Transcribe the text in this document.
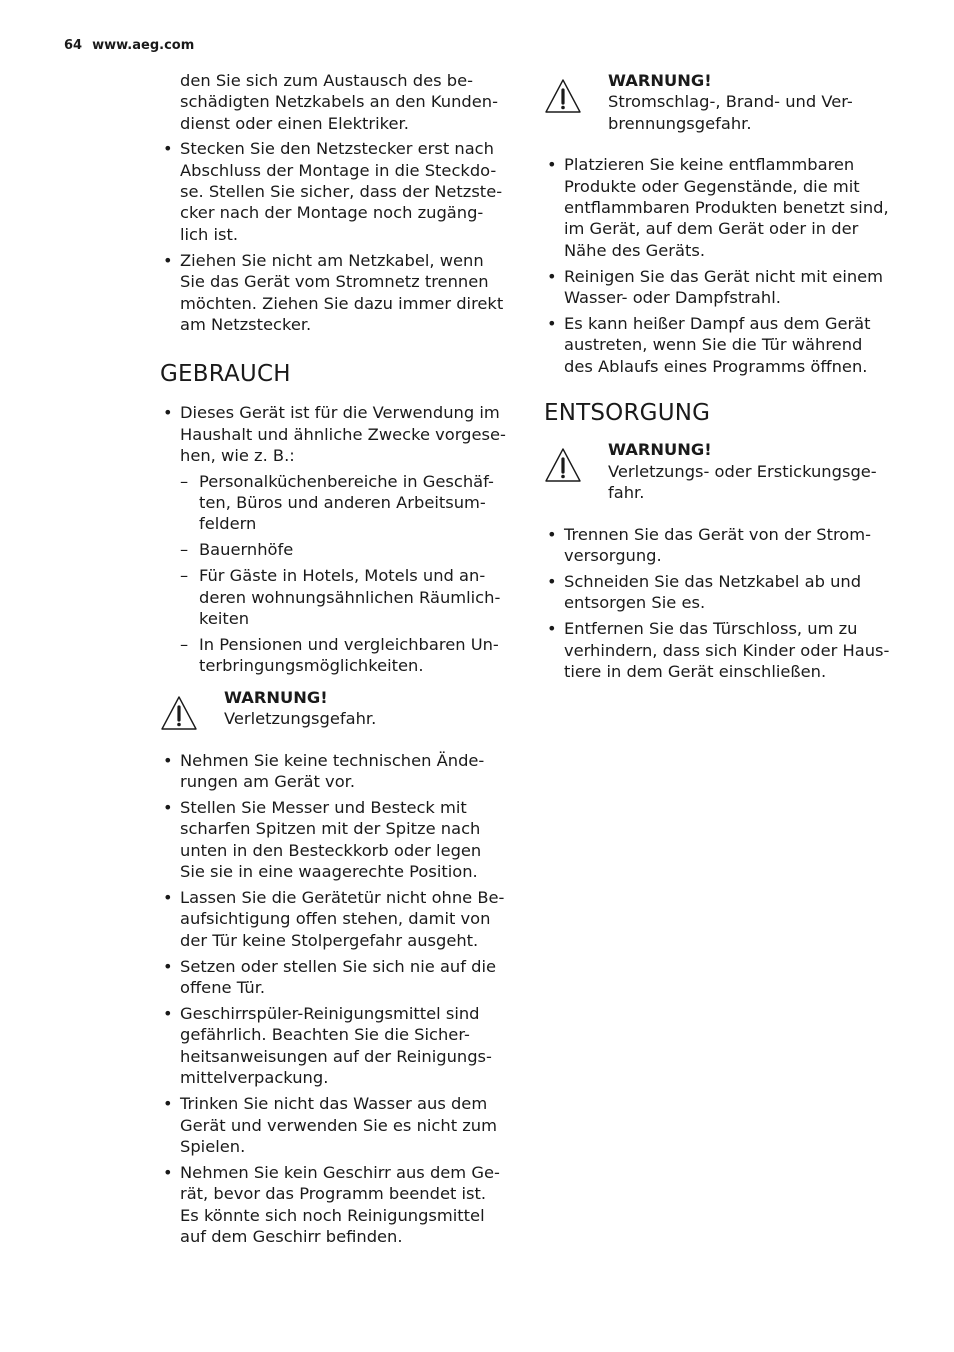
64 www.aeg.com
den Sie sich zum Austausch des be-
schädigten Netzkabels an den Kunden-
dienst oder einen Elektriker.
• Stecken Sie den Netzstecker erst nach
Abschluss der Montage in die Steckdo-
se. Stellen Sie sicher, dass der Netzste-
cker nach der Montage noch zugäng-
lich ist.
• Ziehen Sie nicht am Netzkabel, wenn
Sie das Gerät vom Stromnetz trennen
möchten. Ziehen Sie dazu immer direkt
am Netzstecker.
GEBRAUCH
• Dieses Gerät ist für die Verwendung im
Haushalt und ähnliche Zwecke vorgese-
hen, wie z. B.:
– Personalküchenbereiche in Geschäf-
ten, Büros und anderen Arbeitsum-
feldern
– Bauernhöfe
– Für Gäste in Hotels, Motels und an-
deren wohnungsähnlichen Räumlich-
keiten
– In Pensionen und vergleichbaren Un-
terbringungsmöglichkeiten.
WARNUNG!
Verletzungsgefahr.
• Nehmen Sie keine technischen Ände-
rungen am Gerät vor.
• Stellen Sie Messer und Besteck mit
scharfen Spitzen mit der Spitze nach
unten in den Besteckkorb oder legen
Sie sie in eine waagerechte Position.
• Lassen Sie die Gerätetür nicht ohne Be-
aufsichtigung offen stehen, damit von
der Tür keine Stolpergefahr ausgeht.
• Setzen oder stellen Sie sich nie auf die
offene Tür.
• Geschirrspüler-Reinigungsmittel sind
gefährlich. Beachten Sie die Sicher-
heitsanweisungen auf der Reinigungs-
mittelverpackung.
• Trinken Sie nicht das Wasser aus dem
Gerät und verwenden Sie es nicht zum
Spielen.
• Nehmen Sie kein Geschirr aus dem Ge-
rät, bevor das Programm beendet ist.
Es könnte sich noch Reinigungsmittel
auf dem Geschirr befinden.
WARNUNG!
Stromschlag-, Brand- und Ver-
brennungsgefahr.
• Platzieren Sie keine entflammbaren
Produkte oder Gegenstände, die mit
entflammbaren Produkten benetzt sind,
im Gerät, auf dem Gerät oder in der
Nähe des Geräts.
• Reinigen Sie das Gerät nicht mit einem
Wasser- oder Dampfstrahl.
• Es kann heißer Dampf aus dem Gerät
austreten, wenn Sie die Tür während
des Ablaufs eines Programms öffnen.
ENTSORGUNG
WARNUNG!
Verletzungs- oder Erstickungsge-
fahr.
• Trennen Sie das Gerät von der Strom-
versorgung.
• Schneiden Sie das Netzkabel ab und
entsorgen Sie es.
• Entfernen Sie das Türschloss, um zu
verhindern, dass sich Kinder oder Haus-
tiere in dem Gerät einschließen.
